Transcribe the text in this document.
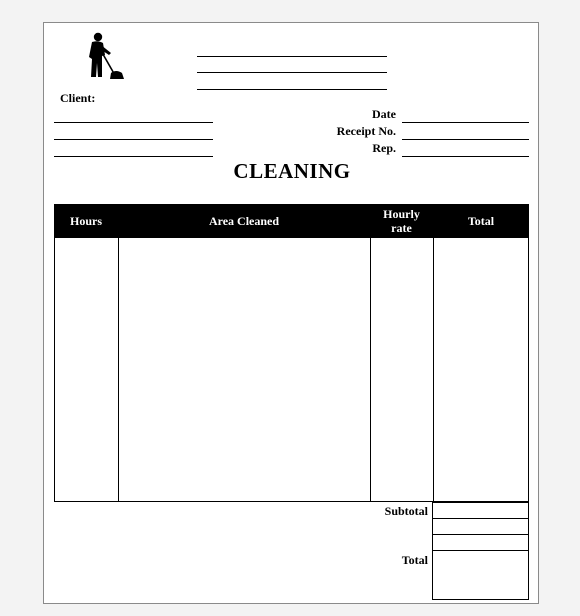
Client:
Date
Receipt No.
Rep.
CLEANING
Hours	Area Cleaned	Hourly rate	Total
Subtotal
Total
